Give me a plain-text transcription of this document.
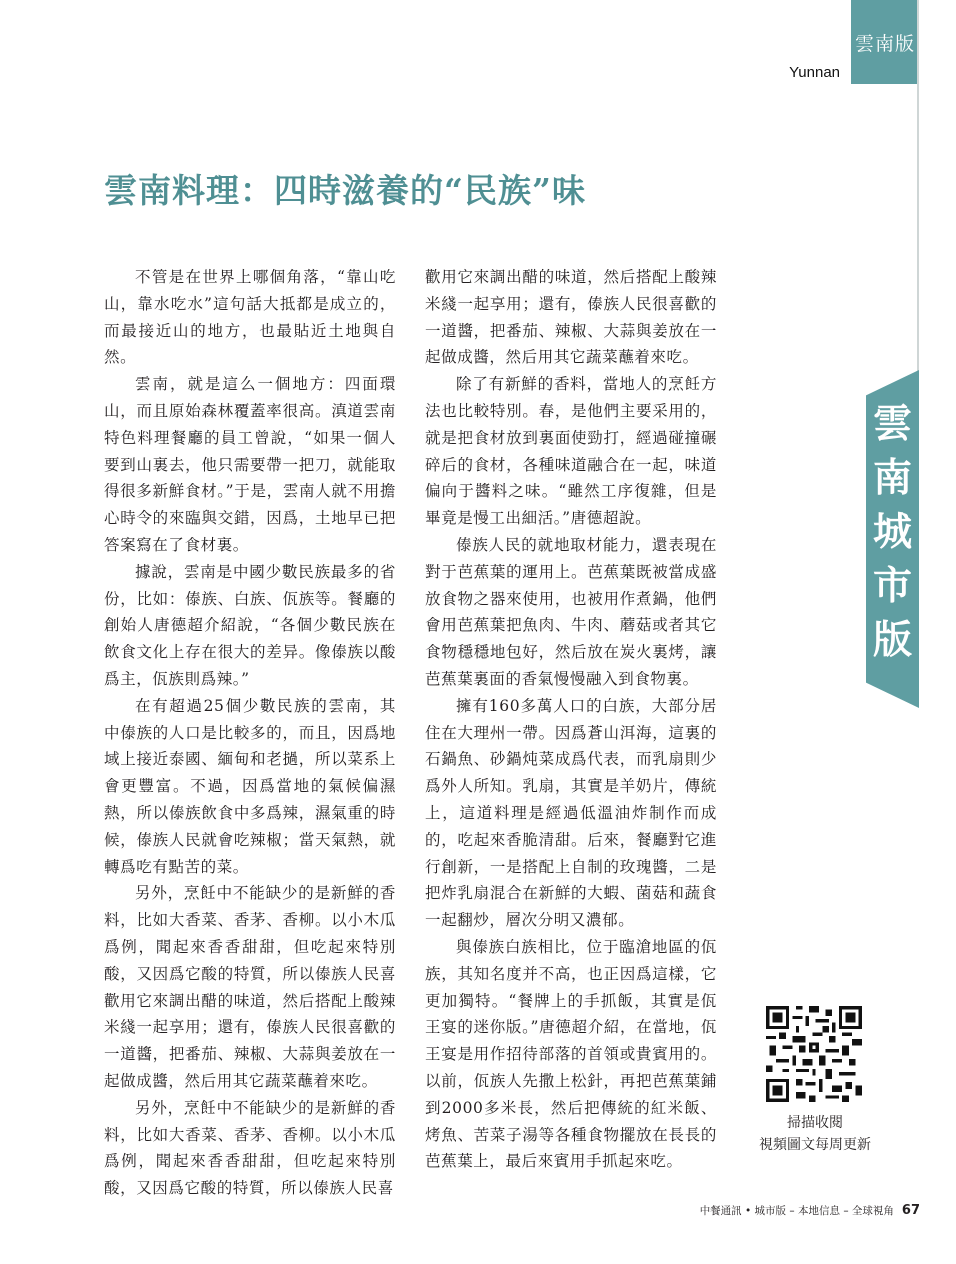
雲南版
Yunnan
雲
南
城
市
版
雲南料理：四時滋養的“民族”味

不管是在世界上哪個角落，“靠山吃山，靠水吃水”這句話大抵都是成立的，而最接近山的地方，也最貼近土地與自然。

雲南，就是這么一個地方：四面環山，而且原始森林覆蓋率很高。滇道雲南特色料理餐廳的員工曾說，“如果一個人要到山裏去，他只需要帶一把刀，就能取得很多新鮮食材。”于是，雲南人就不用擔心時令的來臨與交錯，因爲，土地早已把答案寫在了食材裏。

據說，雲南是中國少數民族最多的省份，比如：傣族、白族、佤族等。餐廳的創始人唐德超介紹說，“各個少數民族在飲食文化上存在很大的差异。像傣族以酸爲主，佤族則爲辣。”

在有超過25個少數民族的雲南，其中傣族的人口是比較多的，而且，因爲地域上接近泰國、緬甸和老撾，所以菜系上會更豐富。不過，因爲當地的氣候偏濕熱，所以傣族飲食中多爲辣，濕氣重的時候，傣族人民就會吃辣椒；當天氣熱，就轉爲吃有點苦的菜。

另外，烹飪中不能缺少的是新鮮的香料，比如大香菜、香茅、香柳。以小木瓜爲例，聞起來香香甜甜，但吃起來特別酸，又因爲它酸的特質，所以傣族人民喜歡用它來調出醋的味道，然后搭配上酸辣米綫一起享用；還有，傣族人民很喜歡的一道醬，把番茄、辣椒、大蒜與姜放在一起做成醬，然后用其它蔬菜蘸着來吃。

另外，烹飪中不能缺少的是新鮮的香料，比如大香菜、香茅、香柳。以小木瓜爲例，聞起來香香甜甜，但吃起來特別酸，又因爲它酸的特質，所以傣族人民喜

歡用它來調出醋的味道，然后搭配上酸辣米綫一起享用；還有，傣族人民很喜歡的一道醬，把番茄、辣椒、大蒜與姜放在一起做成醬，然后用其它蔬菜蘸着來吃。

除了有新鮮的香料，當地人的烹飪方法也比較特別。春，是他們主要采用的，就是把食材放到裏面使勁打，經過碰撞碾碎后的食材，各種味道融合在一起，味道偏向于醬料之味。“雖然工序復雜，但是畢竟是慢工出細活。”唐德超說。

傣族人民的就地取材能力，還表現在對于芭蕉葉的運用上。芭蕉葉既被當成盛放食物之器來使用，也被用作煮鍋，他們會用芭蕉葉把魚肉、牛肉、蘑菇或者其它食物穩穩地包好，然后放在炭火裏烤，讓芭蕉葉裏面的香氣慢慢融入到食物裏。

擁有160多萬人口的白族，大部分居住在大理州一帶。因爲蒼山洱海，這裏的石鍋魚、砂鍋炖菜成爲代表，而乳扇則少爲外人所知。乳扇，其實是羊奶片，傳統上，這道料理是經過低溫油炸制作而成的，吃起來香脆清甜。后來，餐廳對它進行創新，一是搭配上自制的玫瑰醬，二是把炸乳扇混合在新鮮的大蝦、菌菇和蔬食一起翻炒，層次分明又濃郁。

與傣族白族相比，位于臨滄地區的佤族，其知名度并不高，也正因爲這樣，它更加獨特。“餐牌上的手抓飯，其實是佤王宴的迷你版。”唐德超介紹，在當地，佤王宴是用作招待部落的首領或貴賓用的。以前，佤族人先撒上松針，再把芭蕉葉鋪到2000多米長，然后把傳統的紅米飯、烤魚、苦菜子湯等各種食物擺放在長長的芭蕉葉上，最后來賓用手抓起來吃。

掃描收閱
視頻圖文每周更新
中餐通訊 • 城市版 – 本地信息 – 全球視角 67
